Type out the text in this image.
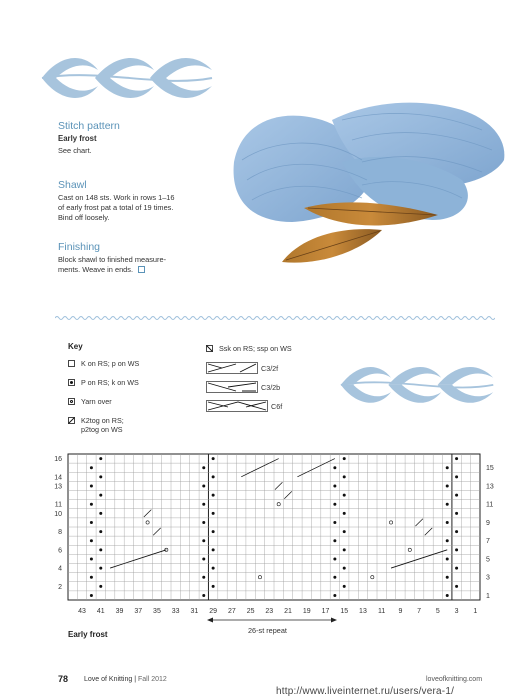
Stitch pattern
Early frost
See chart.
Shawl
Cast on 148 sts. Work in rows 1–16
of early frost pat a total of 19 times.
Bind off loosely.
Finishing
Block shawl to finished measure-
ments. Weave in ends.
Key
K on RS; p on WS
P on RS; k on WS
Yarn over
K2tog on RS;
p2tog on WS
Ssk on RS; ssp on WS
C3/2f
C3/2b
C6f
16
14
13
11
10
8
6
4
2
15
13
11
9
7
5
3
1
43 41 39 37 35 33 31 29 27 25 23 21 19 17 15 13 11 9 7 5 3 1
Early frost	26-st repeat
78 Love of Knitting | Fall 2012	loveofknitting.com
http://www.liveinternet.ru/users/vera-1/
